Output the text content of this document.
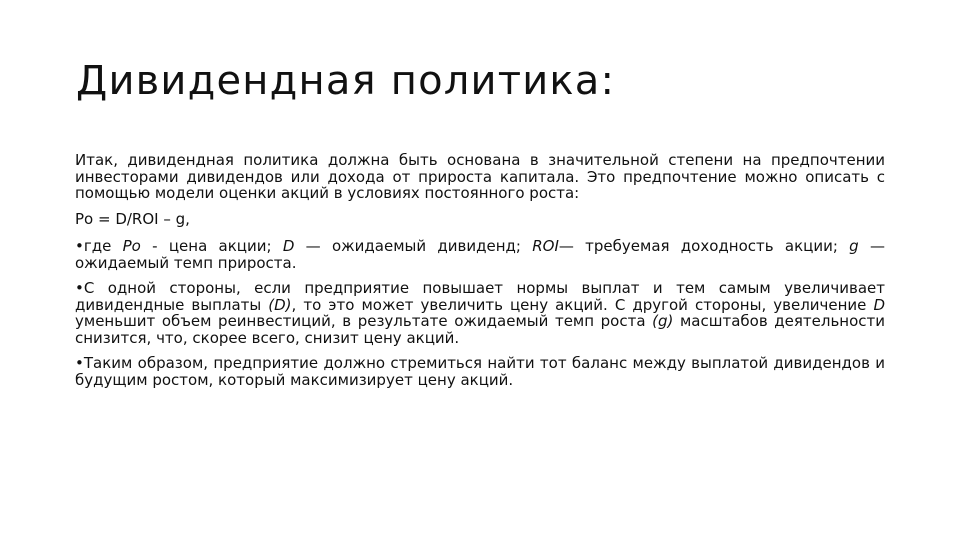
Дивидендная политика:

Итак, дивидендная политика должна быть основана в значительной степени на предпочтении инвесторами дивидендов или дохода от прироста капитала. Это предпочтение можно описать с помощью модели оценки акций в условиях постоянного роста:

Ро = D/ROI – g,

•где Ро - цена акции; D — ожидаемый дивиденд; ROI— требуемая доходность акции; g — ожидаемый темп прироста.

•С одной стороны, если предприятие повышает нормы выплат и тем самым увеличивает дивидендные выплаты (D), то это может увеличить цену акций. С другой стороны, увеличение D уменьшит объем реинвестиций, в результате ожидаемый темп роста (g) масштабов деятельности снизится, что, скорее всего, снизит цену акций.

•Таким образом, предприятие должно стремиться найти тот баланс между выплатой дивидендов и будущим ростом, который максимизирует цену акций.
